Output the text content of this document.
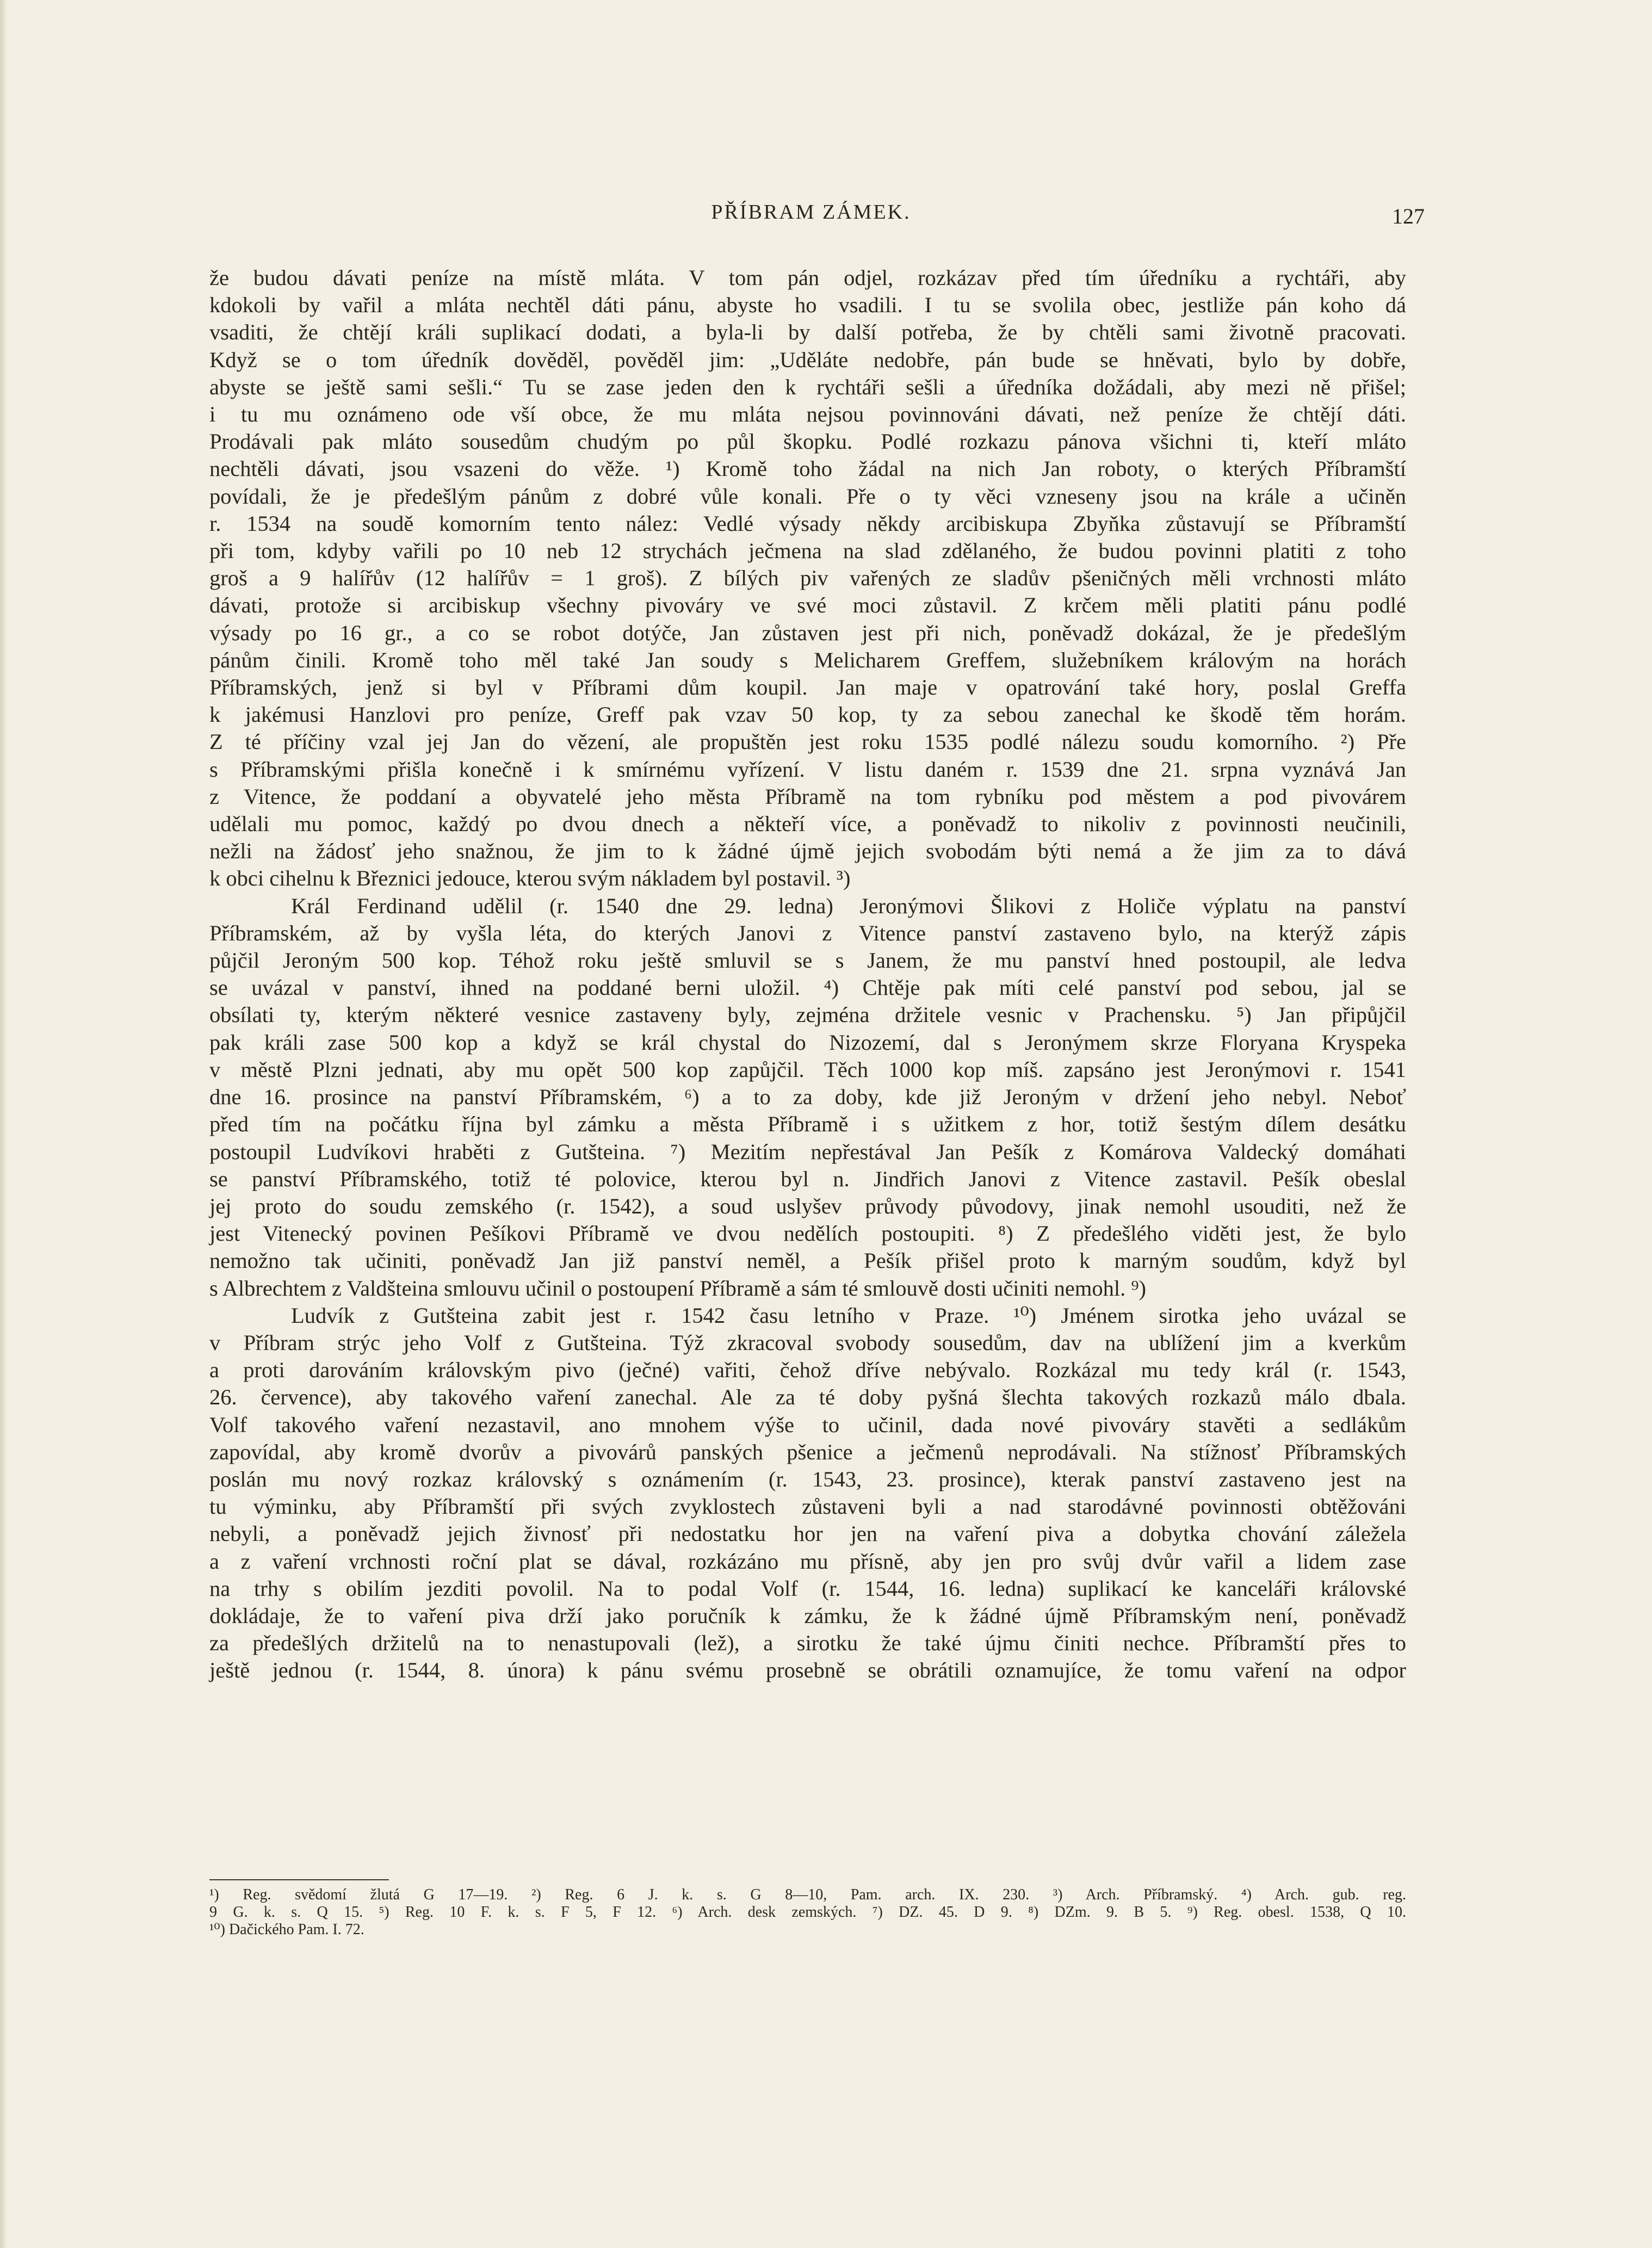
PŘÍBRAM ZÁMEK.	127
že budou dávati peníze na místě mláta. V tom pán odjel, rozkázav před tím úředníku a rychtáři, aby
kdokoli by vařil a mláta nechtěl dáti pánu, abyste ho vsadili. I tu se svolila obec, jestliže pán koho dá
vsaditi, že chtějí králi suplikací dodati, a byla-li by další potřeba, že by chtěli sami životně pracovati.
Když se o tom úředník dověděl, pověděl jim: „Uděláte nedobře, pán bude se hněvati, bylo by dobře,
abyste se ještě sami sešli.“ Tu se zase jeden den k rychtáři sešli a úředníka dožádali, aby mezi ně přišel;
i tu mu oznámeno ode vší obce, že mu mláta nejsou povinnováni dávati, než peníze že chtějí dáti.
Prodávali pak mláto sousedům chudým po půl škopku. Podlé rozkazu pánova všichni ti, kteří mláto
nechtěli dávati, jsou vsazeni do věže. ¹) Kromě toho žádal na nich Jan roboty, o kterých Příbramští
povídali, že je předešlým pánům z dobré vůle konali. Pře o ty věci vzneseny jsou na krále a učiněn
r. 1534 na soudě komorním tento nález: Vedlé výsady někdy arcibiskupa Zbyňka zůstavují se Příbramští
při tom, kdyby vařili po 10 neb 12 strychách ječmena na slad zdělaného, že budou povinni platiti z toho
groš a 9 halířův (12 halířův = 1 groš). Z bílých piv vařených ze sladův pšeničných měli vrchnosti mláto
dávati, protože si arcibiskup všechny pivováry ve své moci zůstavil. Z krčem měli platiti pánu podlé
výsady po 16 gr., a co se robot dotýče, Jan zůstaven jest při nich, poněvadž dokázal, že je předešlým
pánům činili. Kromě toho měl také Jan soudy s Melicharem Greffem, služebníkem královým na horách
Příbramských, jenž si byl v Příbrami dům koupil. Jan maje v opatrování také hory, poslal Greffa
k jakémusi Hanzlovi pro peníze, Greff pak vzav 50 kop, ty za sebou zanechal ke škodě těm horám.
Z té příčiny vzal jej Jan do vězení, ale propuštěn jest roku 1535 podlé nálezu soudu komorního. ²) Pře
s Příbramskými přišla konečně i k smírnému vyřízení. V listu daném r. 1539 dne 21. srpna vyznává Jan
z Vitence, že poddaní a obyvatelé jeho města Příbramě na tom rybníku pod městem a pod pivovárem
udělali mu pomoc, každý po dvou dnech a někteří více, a poněvadž to nikoliv z povinnosti neučinili,
nežli na žádosť jeho snažnou, že jim to k žádné újmě jejich svobodám býti nemá a že jim za to dává
k obci cihelnu k Březnici jedouce, kterou svým nákladem byl postavil. ³)
Král Ferdinand udělil (r. 1540 dne 29. ledna) Jeronýmovi Šlikovi z Holiče výplatu na panství
Příbramském, až by vyšla léta, do kterých Janovi z Vitence panství zastaveno bylo, na kterýž zápis
půjčil Jeroným 500 kop. Téhož roku ještě smluvil se s Janem, že mu panství hned postoupil, ale ledva
se uvázal v panství, ihned na poddané berni uložil. ⁴) Chtěje pak míti celé panství pod sebou, jal se
obsílati ty, kterým některé vesnice zastaveny byly, zejména držitele vesnic v Prachensku. ⁵) Jan připůjčil
pak králi zase 500 kop a když se král chystal do Nizozemí, dal s Jeronýmem skrze Floryana Kryspeka
v městě Plzni jednati, aby mu opět 500 kop zapůjčil. Těch 1000 kop míš. zapsáno jest Jeronýmovi r. 1541
dne 16. prosince na panství Příbramském, ⁶) a to za doby, kde již Jeroným v držení jeho nebyl. Neboť
před tím na počátku října byl zámku a města Příbramě i s užitkem z hor, totiž šestým dílem desátku
postoupil Ludvíkovi hraběti z Gutšteina. ⁷) Mezitím nepřestával Jan Pešík z Komárova Valdecký domáhati
se panství Příbramského, totiž té polovice, kterou byl n. Jindřich Janovi z Vitence zastavil. Pešík obeslal
jej proto do soudu zemského (r. 1542), a soud uslyšev průvody původovy, jinak nemohl usouditi, než že
jest Vitenecký povinen Pešíkovi Příbramě ve dvou nedělích postoupiti. ⁸) Z předešlého viděti jest, že bylo
nemožno tak učiniti, poněvadž Jan již panství neměl, a Pešík přišel proto k marným soudům, když byl
s Albrechtem z Valdšteina smlouvu učinil o postoupení Příbramě a sám té smlouvě dosti učiniti nemohl. ⁹)
Ludvík z Gutšteina zabit jest r. 1542 času letního v Praze. ¹⁰) Jménem sirotka jeho uvázal se
v Příbram strýc jeho Volf z Gutšteina. Týž zkracoval svobody sousedům, dav na ublížení jim a kverkům
a proti darováním královským pivo (ječné) vařiti, čehož dříve nebývalo. Rozkázal mu tedy král (r. 1543,
26. července), aby takového vaření zanechal. Ale za té doby pyšná šlechta takových rozkazů málo dbala.
Volf takového vaření nezastavil, ano mnohem výše to učinil, dada nové pivováry stavěti a sedlákům
zapovídal, aby kromě dvorův a pivovárů panských pšenice a ječmenů neprodávali. Na stížnosť Příbramských
poslán mu nový rozkaz královský s oznámením (r. 1543, 23. prosince), kterak panství zastaveno jest na
tu výminku, aby Příbramští při svých zvyklostech zůstaveni byli a nad starodávné povinnosti obtěžováni
nebyli, a poněvadž jejich živnosť při nedostatku hor jen na vaření piva a dobytka chování záležela
a z vaření vrchnosti roční plat se dával, rozkázáno mu přísně, aby jen pro svůj dvůr vařil a lidem zase
na trhy s obilím jezditi povolil. Na to podal Volf (r. 1544, 16. ledna) suplikací ke kanceláři královské
dokládaje, že to vaření piva drží jako poručník k zámku, že k žádné újmě Příbramským není, poněvadž
za předešlých držitelů na to nenastupovali (lež), a sirotku že také újmu činiti nechce. Příbramští přes to
ještě jednou (r. 1544, 8. února) k pánu svému prosebně se obrátili oznamujíce, že tomu vaření na odpor
¹) Reg. svědomí žlutá G 17—19. ²) Reg. 6 J. k. s. G 8—10, Pam. arch. IX. 230. ³) Arch. Příbramský. ⁴) Arch. gub. reg.
9 G. k. s. Q 15. ⁵) Reg. 10 F. k. s. F 5, F 12. ⁶) Arch. desk zemských. ⁷) DZ. 45. D 9. ⁸) DZm. 9. B 5. ⁹) Reg. obesl. 1538, Q 10.
¹⁰) Dačického Pam. I. 72.
